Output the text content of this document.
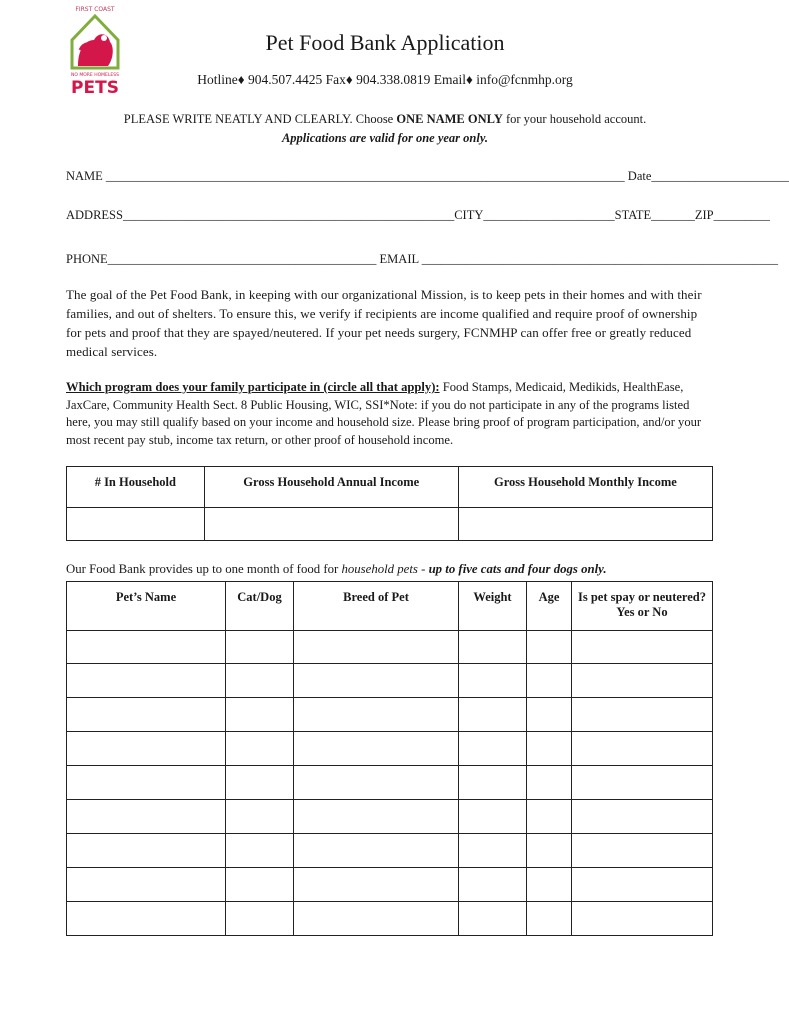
FIRST COAST
NO MORE HOMELESS
PETS
Pet Food Bank Application
Hotline♦ 904.507.4425 Fax♦ 904.338.0819 Email♦ info@fcnmhp.org
PLEASE WRITE NEATLY AND CLEARLY. Choose ONE NAME ONLY for your household account.
Applications are valid for one year only.
NAME ___________________________________________________________________________________ Date______________________
ADDRESS_____________________________________________________CITY_____________________STATE_______ZIP_________
PHONE___________________________________________ EMAIL _________________________________________________________
The goal of the Pet Food Bank, in keeping with our organizational Mission, is to keep pets in their homes and with their families, and out of shelters. To ensure this, we verify if recipients are income qualified and require proof of ownership for pets and proof that they are spayed/neutered. If your pet needs surgery, FCNMHP can offer free or greatly reduced medical services.
Which program does your family participate in (circle all that apply): Food Stamps, Medicaid, Medikids, HealthEase, JaxCare, Community Health Sect. 8 Public Housing, WIC, SSI*Note: if you do not participate in any of the programs listed here, you may still qualify based on your income and household size. Please bring proof of program participation, and/or your most recent pay stub, income tax return, or other proof of household income.
# In Household	Gross Household Annual Income	Gross Household Monthly Income

Our Food Bank provides up to one month of food for household pets - up to five cats and four dogs only.
Pet’s Name	Cat/Dog	Breed of Pet	Weight	Age	Is pet spay or neutered? Yes or No
